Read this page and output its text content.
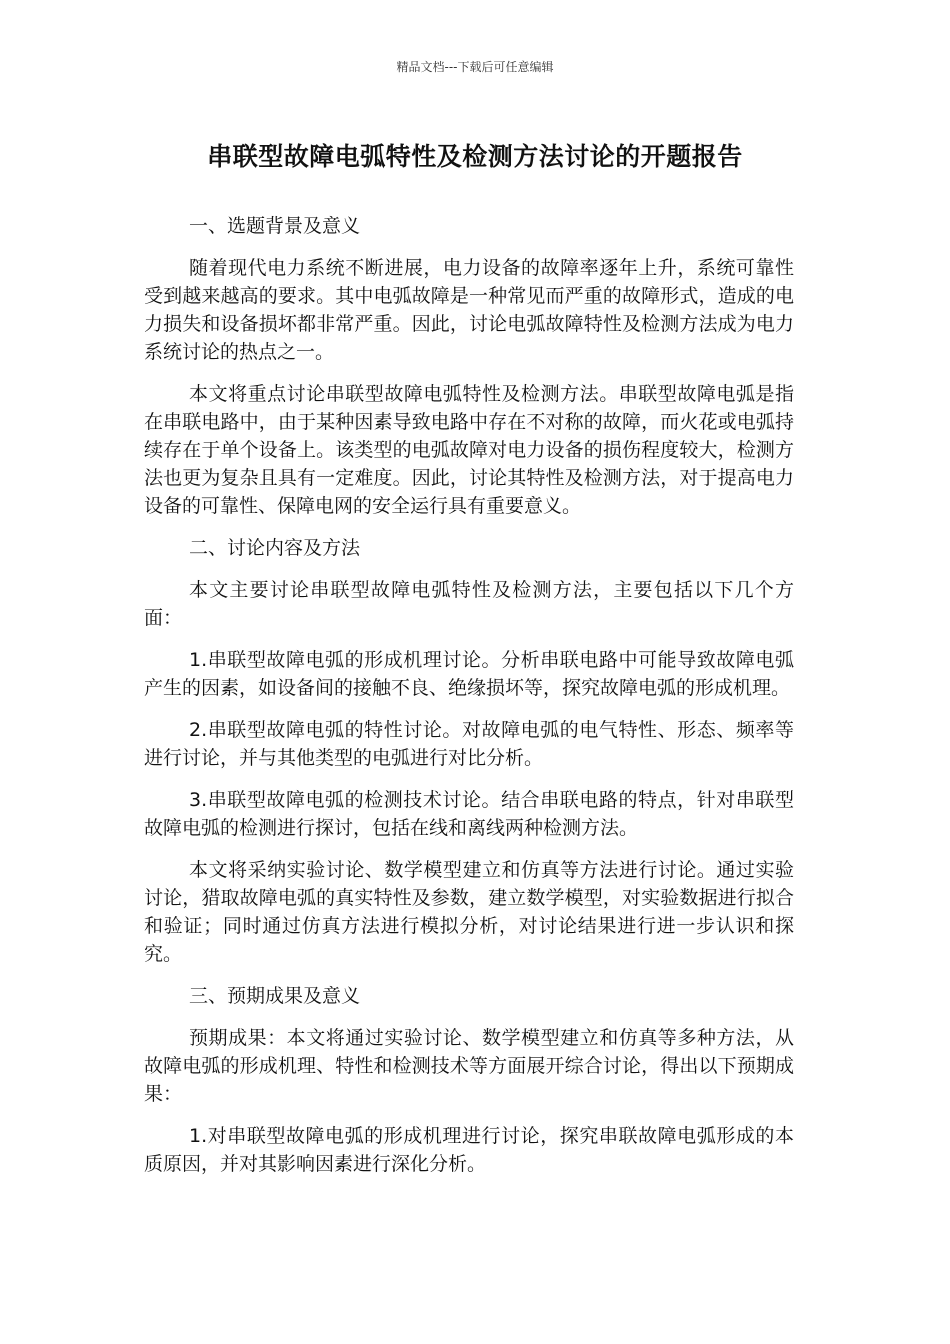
精品文档---下载后可任意编辑
串联型故障电弧特性及检测方法讨论的开题报告

一、选题背景及意义

随着现代电力系统不断进展，电力设备的故障率逐年上升，系统可靠性受到越来越高的要求。其中电弧故障是一种常见而严重的故障形式，造成的电力损失和设备损坏都非常严重。因此，讨论电弧故障特性及检测方法成为电力系统讨论的热点之一。

本文将重点讨论串联型故障电弧特性及检测方法。串联型故障电弧是指在串联电路中，由于某种因素导致电路中存在不对称的故障，而火花或电弧持续存在于单个设备上。该类型的电弧故障对电力设备的损伤程度较大，检测方法也更为复杂且具有一定难度。因此，讨论其特性及检测方法，对于提高电力设备的可靠性、保障电网的安全运行具有重要意义。

二、讨论内容及方法

本文主要讨论串联型故障电弧特性及检测方法，主要包括以下几个方面：

1.串联型故障电弧的形成机理讨论。分析串联电路中可能导致故障电弧产生的因素，如设备间的接触不良、绝缘损坏等，探究故障电弧的形成机理。

2.串联型故障电弧的特性讨论。对故障电弧的电气特性、形态、频率等进行讨论，并与其他类型的电弧进行对比分析。

3.串联型故障电弧的检测技术讨论。结合串联电路的特点，针对串联型故障电弧的检测进行探讨，包括在线和离线两种检测方法。

本文将采纳实验讨论、数学模型建立和仿真等方法进行讨论。通过实验讨论，猎取故障电弧的真实特性及参数，建立数学模型，对实验数据进行拟合和验证；同时通过仿真方法进行模拟分析，对讨论结果进行进一步认识和探究。

三、预期成果及意义

预期成果：本文将通过实验讨论、数学模型建立和仿真等多种方法，从故障电弧的形成机理、特性和检测技术等方面展开综合讨论，得出以下预期成果：

1.对串联型故障电弧的形成机理进行讨论，探究串联故障电弧形成的本质原因，并对其影响因素进行深化分析。
